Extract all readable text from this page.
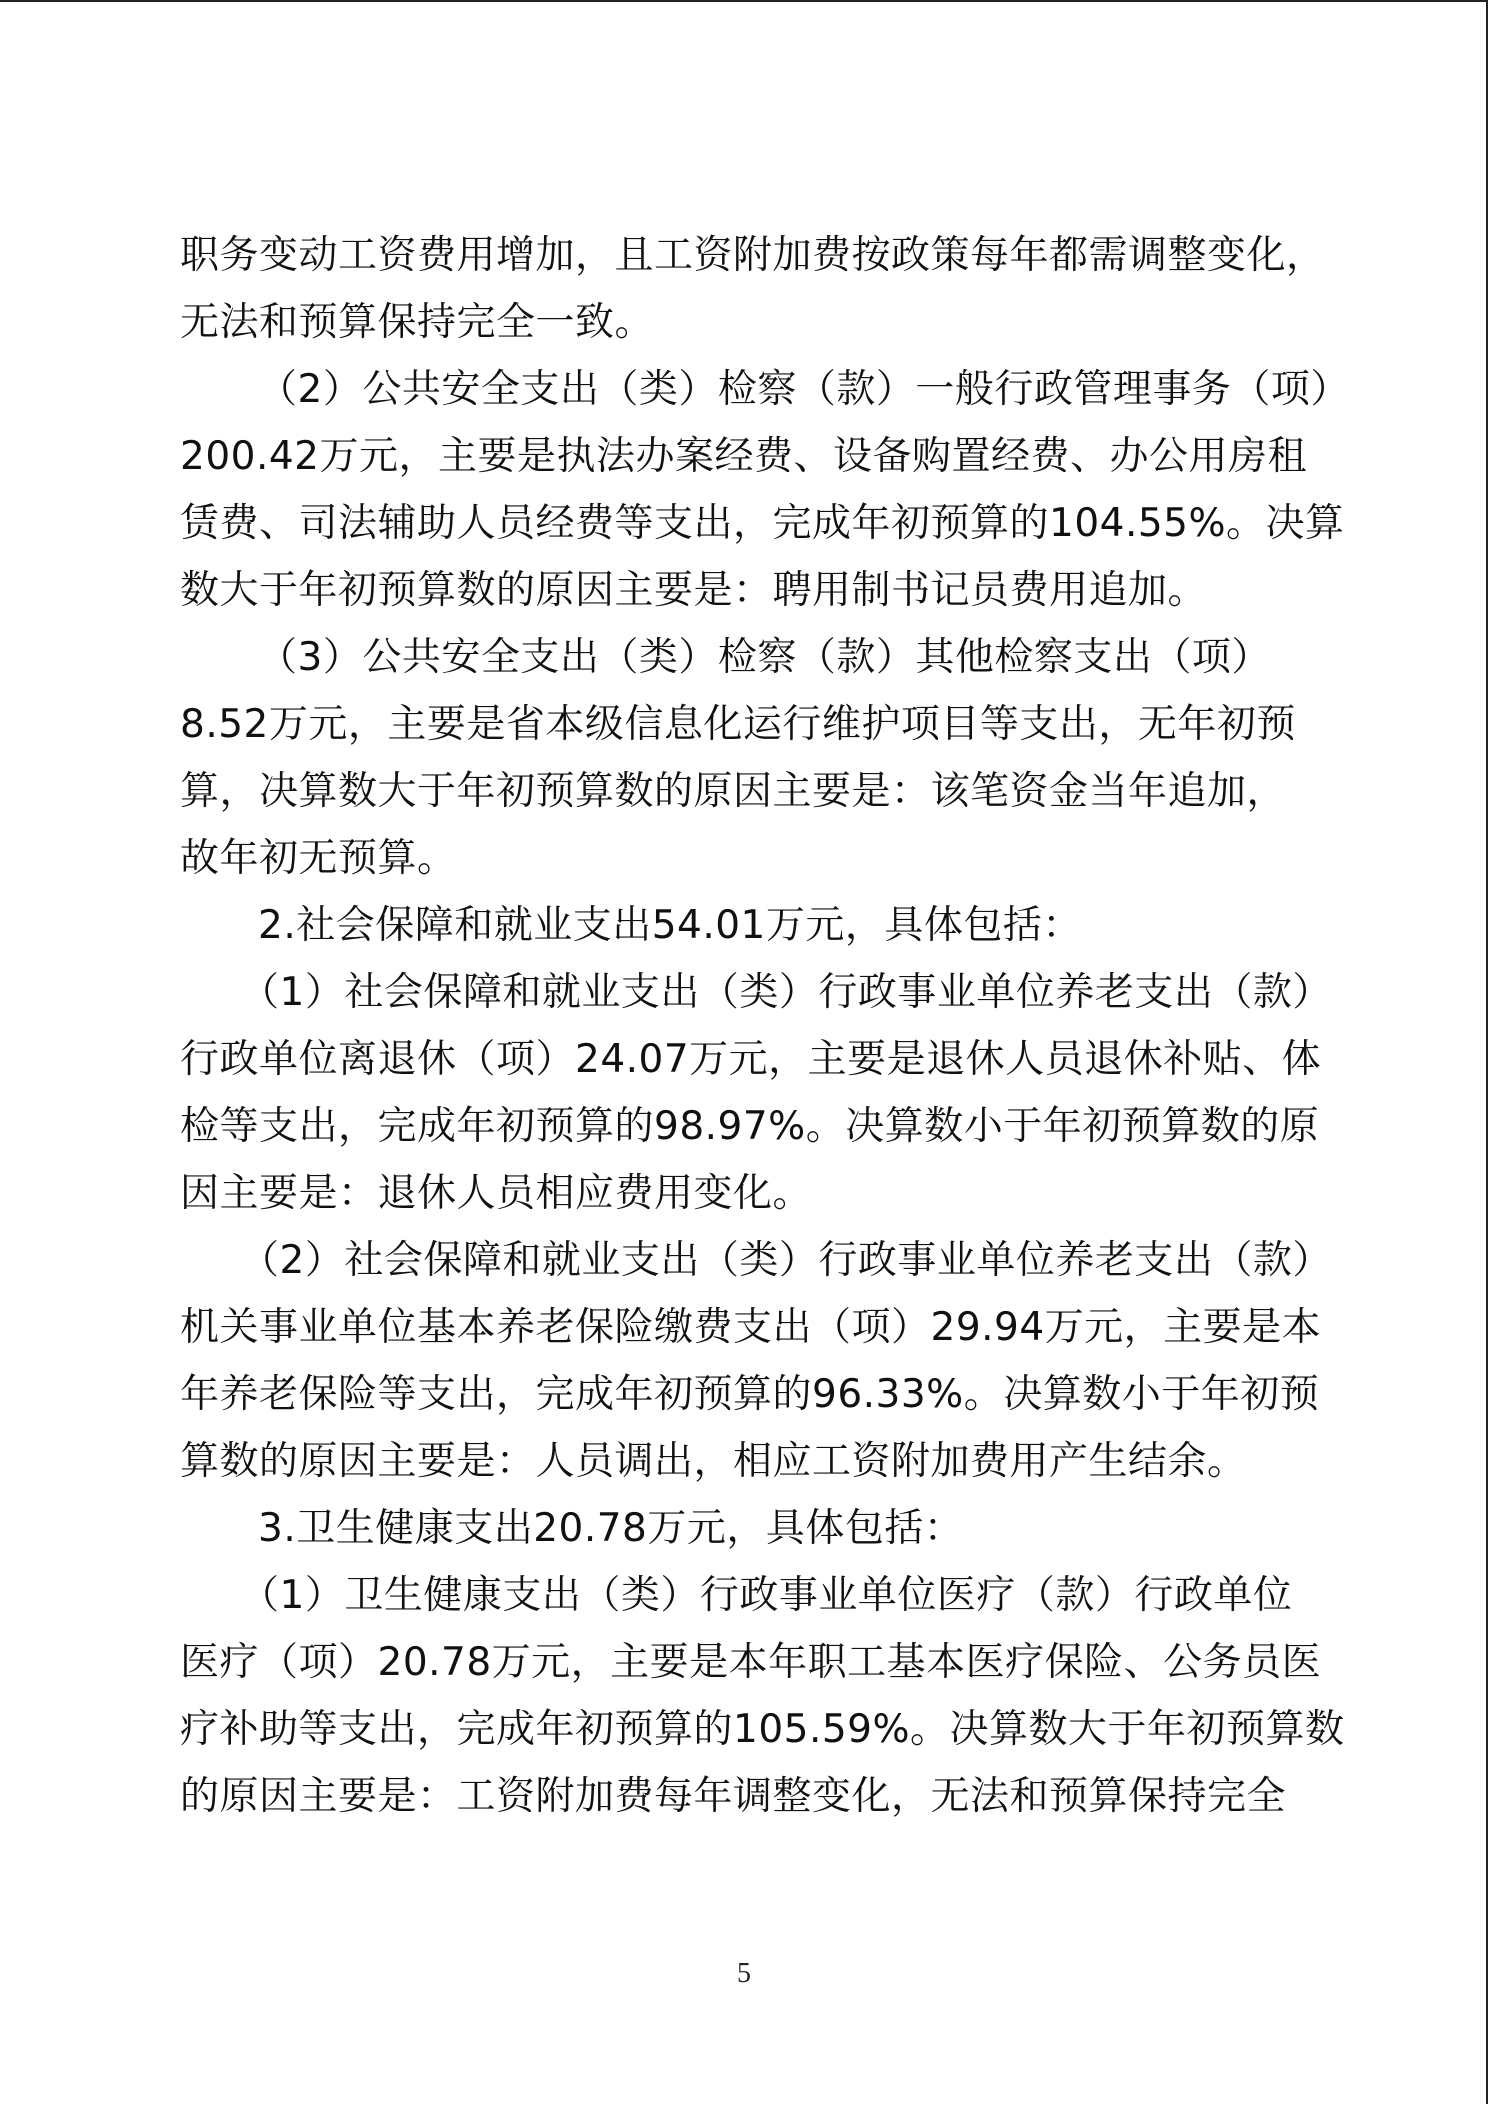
职务变动工资费用增加，且工资附加费按政策每年都需调整变化，
无法和预算保持完全一致。
（2）公共安全支出（类）检察（款）一般行政管理事务（项）
200.42万元，主要是执法办案经费、设备购置经费、办公用房租
赁费、司法辅助人员经费等支出，完成年初预算的104.55%。决算
数大于年初预算数的原因主要是：聘用制书记员费用追加。
（3）公共安全支出（类）检察（款）其他检察支出（项）
8.52万元，主要是省本级信息化运行维护项目等支出，无年初预
算，决算数大于年初预算数的原因主要是：该笔资金当年追加，
故年初无预算。
2.社会保障和就业支出54.01万元，具体包括：
（1）社会保障和就业支出（类）行政事业单位养老支出（款）
行政单位离退休（项）24.07万元，主要是退休人员退休补贴、体
检等支出，完成年初预算的98.97%。决算数小于年初预算数的原
因主要是：退休人员相应费用变化。
（2）社会保障和就业支出（类）行政事业单位养老支出（款）
机关事业单位基本养老保险缴费支出（项）29.94万元，主要是本
年养老保险等支出，完成年初预算的96.33%。决算数小于年初预
算数的原因主要是：人员调出，相应工资附加费用产生结余。
3.卫生健康支出20.78万元，具体包括：
（1）卫生健康支出（类）行政事业单位医疗（款）行政单位
医疗（项）20.78万元，主要是本年职工基本医疗保险、公务员医
疗补助等支出，完成年初预算的105.59%。决算数大于年初预算数
的原因主要是：工资附加费每年调整变化，无法和预算保持完全
5
